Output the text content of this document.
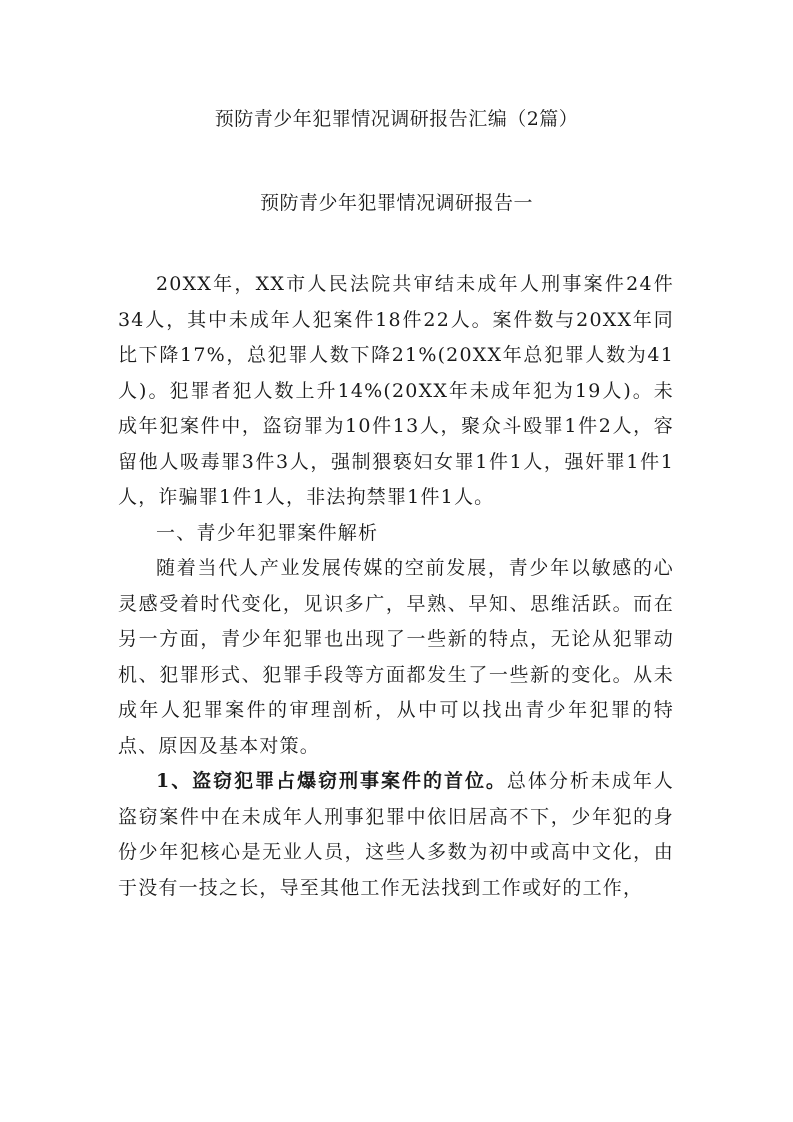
预防青少年犯罪情况调研报告汇编（2篇）
预防青少年犯罪情况调研报告一

20XX年，XX市人民法院共审结未成年人刑事案件24件34人，其中未成年人犯案件18件22人。案件数与20XX年同比下降17%，总犯罪人数下降21%(20XX年总犯罪人数为41人)。犯罪者犯人数上升14%(20XX年未成年犯为19人)。未成年犯案件中，盗窃罪为10件13人，聚众斗殴罪1件2人，容留他人吸毒罪3件3人，强制猥亵妇女罪1件1人，强奸罪1件1人，诈骗罪1件1人，非法拘禁罪1件1人。

一、青少年犯罪案件解析

随着当代人产业发展传媒的空前发展，青少年以敏感的心灵感受着时代变化，见识多广，早熟、早知、思维活跃。而在另一方面，青少年犯罪也出现了一些新的特点，无论从犯罪动机、犯罪形式、犯罪手段等方面都发生了一些新的变化。从未成年人犯罪案件的审理剖析，从中可以找出青少年犯罪的特点、原因及基本对策。

1、盗窃犯罪占爆窃刑事案件的首位。总体分析未成年人盗窃案件中在未成年人刑事犯罪中依旧居高不下，少年犯的身份少年犯核心是无业人员，这些人多数为初中或高中文化，由于没有一技之长，导至其他工作无法找到工作或好的工作，
